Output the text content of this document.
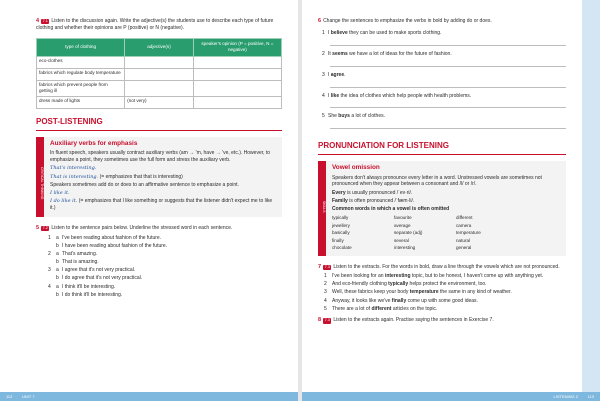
4 7.1 Listen to the discussion again. Write the adjective(s) the students use to describe each type of future clothing and whether their opinions are P (positive) or N (negative).
type of clothing	adjective(s)	speaker's opinion (P = positive, N = negative)
eco-clothes		
fabrics which regulate body temperature		
fabrics which prevent people from getting ill		
dress made of lights	(not very)	
POST-LISTENING
CRITICAL THINKING
Auxiliary verbs for emphasis
In fluent speech, speakers usually contract auxiliary verbs (am → 'm, have → 've, etc.). However, to emphasize a point, they sometimes use the full form and stress the auxiliary verb.
That's interesting.
That is interesting. (= emphasizes that that is interesting)
Speakers sometimes add do or does to an affirmative sentence to emphasize a point.
I like it.
I do like it. (= emphasizes that I like something or suggests that the listener didn't expect me to like it.)
5 7.2 Listen to the sentence pairs below. Underline the stressed word in each sentence.
1 a I've been reading about fashion of the future.
b I have been reading about fashion of the future.
2 a That's amazing.
b That is amazing.
3 a I agree that it's not very practical.
b I do agree that it's not very practical.
4 a I think it'll be interesting.
b I do think it'll be interesting.
6 Change the sentences to emphasize the verbs in bold by adding do or does.
1 I believe they can be used to make sports clothing.
2 It seems we have a lot of ideas for the future of fashion.
3 I agree.
4 I like the idea of clothes which help people with health problems.
5 She buys a lot of clothes.
PRONUNCIATION FOR LISTENING
SKILLS
Vowel omission
Speakers don't always pronounce every letter in a word. Unstressed vowels are sometimes not pronounced when they appear between a consonant and /l/ or /r/.
Every is usually pronounced /ˈev·ri/.
Family is often pronounced /ˈfæm·li/.
Common words in which a vowel is often omitted
typically	favourite	different
jewellery	average	camera
basically	separate (adj)	temperature
finally	several	natural
chocolate	interesting	general
7 7.3 Listen to the extracts. For the words in bold, draw a line through the vowels which are not pronounced.
1 I've been looking for an interesting topic, but to be honest, I haven't come up with anything yet.
2 And eco-friendly clothing typically helps protect the environment, too.
3 Well, these fabrics keep your body temperature the same in any kind of weather.
4 Anyway, it looks like we've finally come up with some good ideas.
5 There are a lot of different articles on the topic.
8 7.3 Listen to the extracts again. Practise saying the sentences in Exercise 7.
112 UNIT 7	LISTENING 2 113
